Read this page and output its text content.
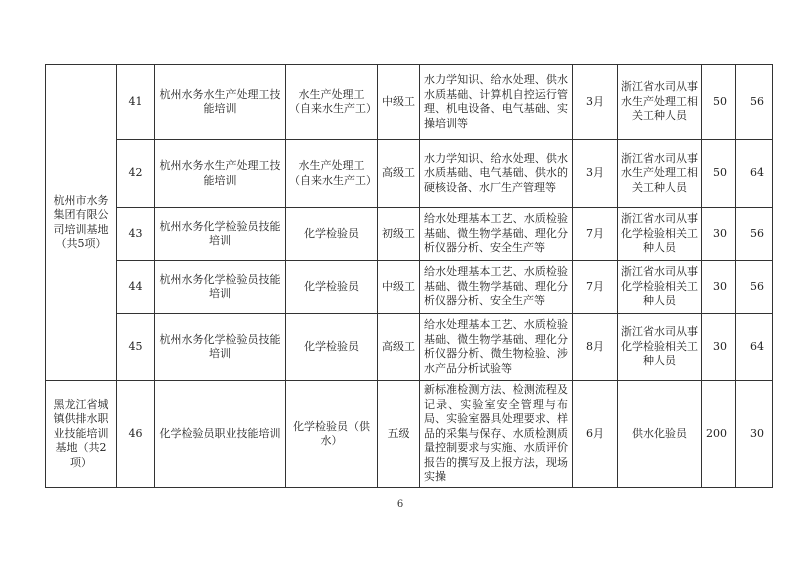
杭州市水务集团有限公司培训基地（共5项）	41	杭州水务水生产处理工技能培训	水生产处理工（自来水生产工）	中级工	水力学知识、给水处理、供水水质基础、计算机自控运行管理、机电设备、电气基础、实操培训等	3月	浙江省水司从事水生产处理工相关工种人员	50	56
	42	杭州水务水生产处理工技能培训	水生产处理工（自来水生产工）	高级工	水力学知识、给水处理、供水水质基础、电气基础、供水的硬核设备、水厂生产管理等	3月	浙江省水司从事水生产处理工相关工种人员	50	64
	43	杭州水务化学检验员技能培训	化学检验员	初级工	给水处理基本工艺、水质检验基础、微生物学基础、理化分析仪器分析、安全生产等	7月	浙江省水司从事化学检验相关工种人员	30	56
	44	杭州水务化学检验员技能培训	化学检验员	中级工	给水处理基本工艺、水质检验基础、微生物学基础、理化分析仪器分析、安全生产等	7月	浙江省水司从事化学检验相关工种人员	30	56
	45	杭州水务化学检验员技能培训	化学检验员	高级工	给水处理基本工艺、水质检验基础、微生物学基础、理化分析仪器分析、微生物检验、涉水产品分析试验等	8月	浙江省水司从事化学检验相关工种人员	30	64
黑龙江省城镇供排水职业技能培训基地（共2项）	46	化学检验员职业技能培训	化学检验员（供水）	五级	新标准检测方法、检测流程及记录、实验室安全管理与布局、实验室器具处理要求、样品的采集与保存、水质检测质量控制要求与实施、水质评价报告的撰写及上报方法，现场实操	6月	供水化验员	200	30
6
